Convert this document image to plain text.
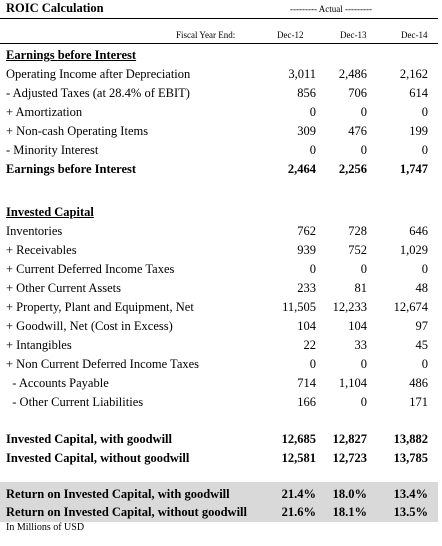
ROIC Calculation	--------- Actual ---------
Fiscal Year End:	Dec-12	Dec-13	Dec-14
Earnings before Interest
Operating Income after Depreciation	3,011	2,486	2,162
- Adjusted Taxes (at 28.4% of EBIT)	856	706	614
+ Amortization	0	0	0
+ Non-cash Operating Items	309	476	199
- Minority Interest	0	0	0
Earnings before Interest	2,464	2,256	1,747
Invested Capital
Inventories	762	728	646
+ Receivables	939	752	1,029
+ Current Deferred Income Taxes	0	0	0
+ Other Current Assets	233	81	48
+ Property, Plant and Equipment, Net	11,505	12,233	12,674
+ Goodwill, Net (Cost in Excess)	104	104	97
+ Intangibles	22	33	45
+ Non Current Deferred Income Taxes	0	0	0
- Accounts Payable	714	1,104	486
- Other Current Liabilities	166	0	171
Invested Capital, with goodwill	12,685	12,827	13,882
Invested Capital, without goodwill	12,581	12,723	13,785
Return on Invested Capital, with goodwill	21.4%	18.0%	13.4%
Return on Invested Capital, without goodwill	21.6%	18.1%	13.5%
In Millions of USD
